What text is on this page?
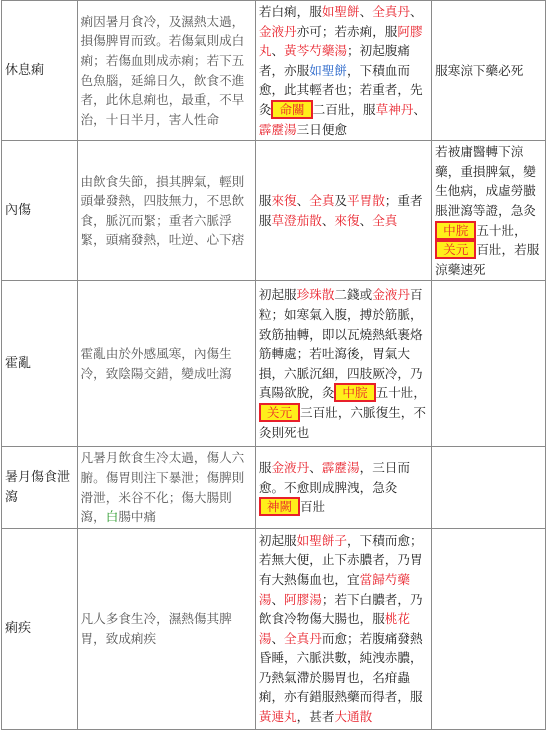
休息痢	痢因暑月食冷，及濕熱太過，損傷脾胃而致。若傷氣則成白痢；若傷血則成赤痢；若下五色魚腦，延綿日久，飲食不進者，此休息痢也，最重，不早治，十日半月，害人性命	若白痢，服如聖餅、全真丹、金液丹亦可；若赤痢，服阿膠丸、黃芩芍藥湯；初起腹痛者，亦服如聖餅，下積血而愈，此其輕者也；若重者，先灸 命關 二百壯，服草神丹、霹靂湯三日便愈	服寒涼下藥必死
內傷	由飲食失節，損其脾氣，輕則頭暈發熱，四肢無力，不思飲食，脈沉而緊；重者六脈浮緊，頭痛發熱，吐逆、心下痞	服來復、全真及平胃散；重者服草澄茄散、來復、全真	若被庸醫轉下涼藥，重損脾氣，變生他病，成虛勞臌脹泄瀉等證，急灸中脘 五十壯，关元 百壯，若服涼藥速死
霍亂	霍亂由於外感風寒，內傷生冷，致陰陽交錯，變成吐瀉	初起服珍珠散二錢或金液丹百粒；如寒氣入腹，搏於筋脈，致筋抽轉，即以瓦燒熱紙裹烙筋轉處；若吐瀉後，胃氣大損，六脈沉細，四肢厥冷，乃真陽欲脫，灸 中脘 五十壯，关元 三百壯，六脈復生，不灸則死也	
暑月傷食泄瀉	凡暑月飲食生冷太過，傷人六腑。傷胃則注下暴泄；傷脾則滑泄，米谷不化；傷大腸則瀉，白腸中痛	服金液丹、霹靂湯，三日而愈。不愈則成脾洩，急灸神闕 百壯	
痢疾	凡人多食生冷，濕熱傷其脾胃，致成痢疾	初起服如聖餅子，下積而愈；若無大便，止下赤膿者，乃胃有大熱傷血也，宜當歸芍藥湯、阿膠湯；若下白膿者，乃飲食冷物傷大腸也，服桃花湯、全真丹而愈；若腹痛發熱昏睡，六脈洪數，純洩赤膿，乃熱氣滯於腸胃也，名疳蟲痢，亦有錯服熱藥而得者，服黃連丸，甚者大通散	
